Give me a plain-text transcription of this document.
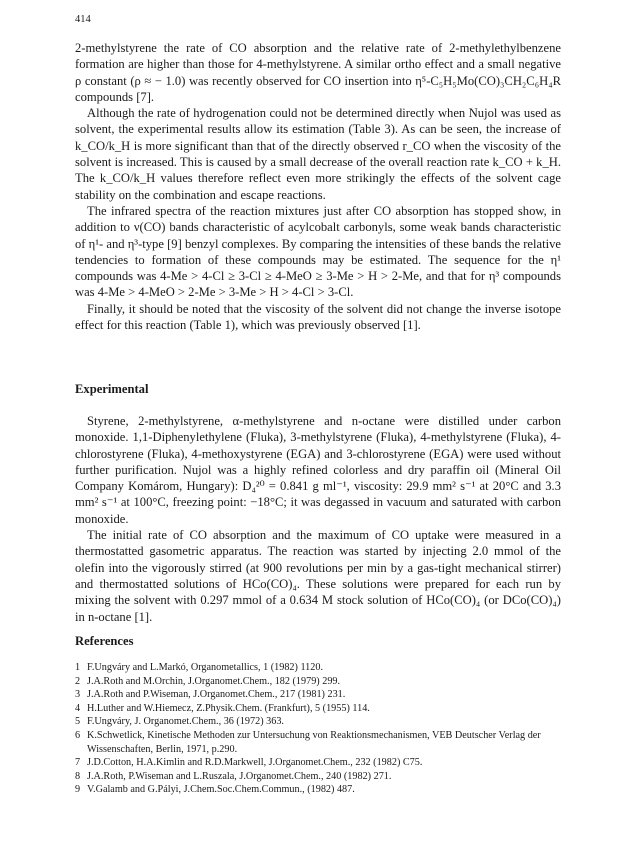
414

2-methylstyrene the rate of CO absorption and the relative rate of 2-methylethylbenzene formation are higher than those for 4-methylstyrene. A similar ortho effect and a small negative ρ constant (ρ ≈ − 1.0) was recently observed for CO insertion into η⁵-C₅H₅Mo(CO)₃CH₂C₆H₄R compounds [7].

Although the rate of hydrogenation could not be determined directly when Nujol was used as solvent, the experimental results allow its estimation (Table 3). As can be seen, the increase of k_CO/k_H is more significant than that of the directly observed r_CO when the viscosity of the solvent is increased. This is caused by a small decrease of the overall reaction rate k_CO + k_H. The k_CO/k_H values therefore reflect even more strikingly the effects of the solvent cage stability on the combination and escape reactions.

The infrared spectra of the reaction mixtures just after CO absorption has stopped show, in addition to ν(CO) bands characteristic of acylcobalt carbonyls, some weak bands characteristic of η¹- and η³-type [9] benzyl complexes. By comparing the intensities of these bands the relative tendencies to formation of these compounds may be estimated. The sequence for the η¹ compounds was 4-Me > 4-Cl ≥ 3-Cl ≥ 4-MeO ≥ 3-Me > H > 2-Me, and that for η³ compounds was 4-Me > 4-MeO > 2-Me > 3-Me > H > 4-Cl > 3-Cl.

Finally, it should be noted that the viscosity of the solvent did not change the inverse isotope effect for this reaction (Table 1), which was previously observed [1].

Experimental

Styrene, 2-methylstyrene, α-methylstyrene and n-octane were distilled under carbon monoxide. 1,1-Diphenylethylene (Fluka), 3-methylstyrene (Fluka), 4-methylstyrene (Fluka), 4-chlorostyrene (Fluka), 4-methoxystyrene (EGA) and 3-chlorostyrene (EGA) were used without further purification. Nujol was a highly refined colorless and dry paraffin oil (Mineral Oil Company Komárom, Hungary): D₄²⁰ = 0.841 g ml⁻¹, viscosity: 29.9 mm² s⁻¹ at 20°C and 3.3 mm² s⁻¹ at 100°C, freezing point: −18°C; it was degassed in vacuum and saturated with carbon monoxide.

The initial rate of CO absorption and the maximum of CO uptake were measured in a thermostatted gasometric apparatus. The reaction was started by injecting 2.0 mmol of the olefin into the vigorously stirred (at 900 revolutions per min by a gas-tight mechanical stirrer) and thermostatted solutions of HCo(CO)₄. These solutions were prepared for each run by mixing the solvent with 0.297 mmol of a 0.634 M stock solution of HCo(CO)₄ (or DCo(CO)₄) in n-octane [1].

References
1 F.Ungváry and L.Markó, Organometallics, 1 (1982) 1120.
2 J.A.Roth and M.Orchin, J.Organomet.Chem., 182 (1979) 299.
3 J.A.Roth and P.Wiseman, J.Organomet.Chem., 217 (1981) 231.
4 H.Luther and W.Hiemecz, Z.Physik.Chem. (Frankfurt), 5 (1955) 114.
5 F.Ungváry, J. Organomet.Chem., 36 (1972) 363.
6 K.Schwetlick, Kinetische Methoden zur Untersuchung von Reaktionsmechanismen, VEB Deutscher Verlag der Wissenschaften, Berlin, 1971, p.290.
7 J.D.Cotton, H.A.Kimlin and R.D.Markwell, J.Organomet.Chem., 232 (1982) C75.
8 J.A.Roth, P.Wiseman and L.Ruszala, J.Organomet.Chem., 240 (1982) 271.
9 V.Galamb and G.Pályi, J.Chem.Soc.Chem.Commun., (1982) 487.
